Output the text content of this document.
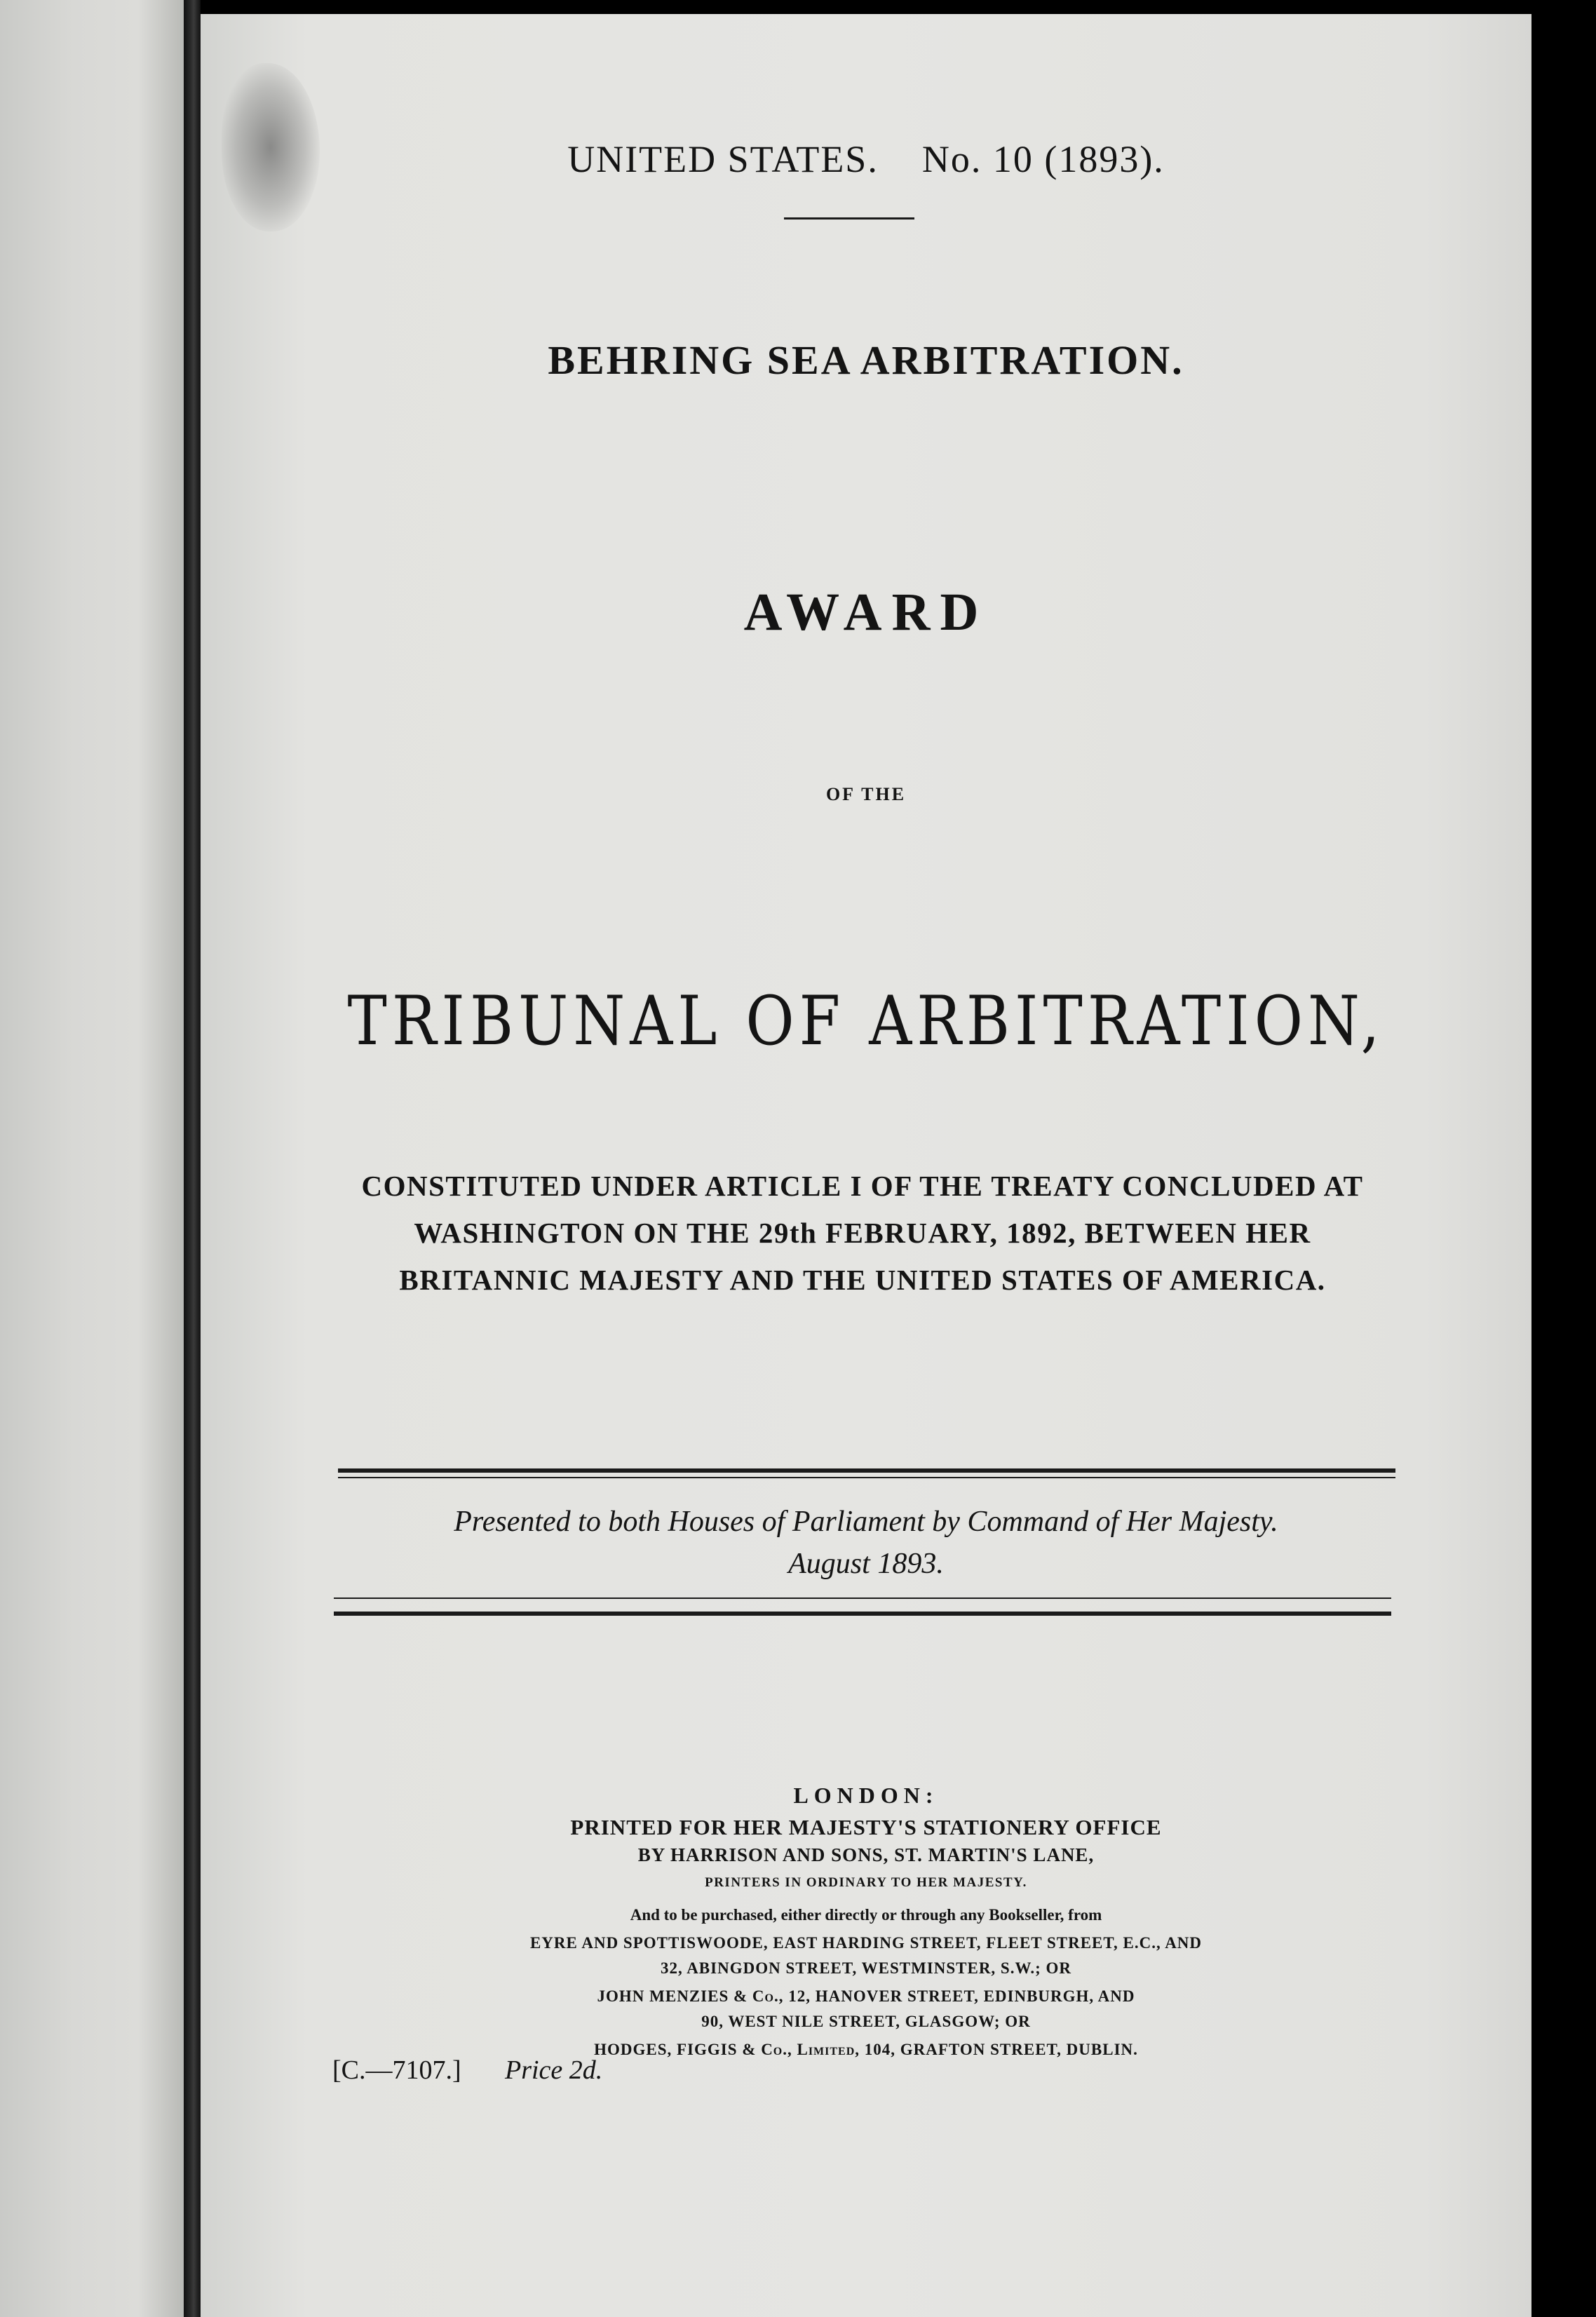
UNITED STATES. No. 10 (1893).
BEHRING SEA ARBITRATION.
AWARD
OF THE
TRIBUNAL OF ARBITRATION,
CONSTITUTED UNDER ARTICLE I OF THE TREATY CONCLUDED AT
WASHINGTON ON THE 29th FEBRUARY, 1892, BETWEEN HER
BRITANNIC MAJESTY AND THE UNITED STATES OF AMERICA.
Presented to both Houses of Parliament by Command of Her Majesty.
August 1893.
LONDON:
PRINTED FOR HER MAJESTY'S STATIONERY OFFICE
BY HARRISON AND SONS, ST. MARTIN'S LANE,
PRINTERS IN ORDINARY TO HER MAJESTY.
And to be purchased, either directly or through any Bookseller, from
EYRE AND SPOTTISWOODE, EAST HARDING STREET, FLEET STREET, E.C., AND
32, ABINGDON STREET, WESTMINSTER, S.W.; OR
JOHN MENZIES & Co., 12, HANOVER STREET, EDINBURGH, AND
90, WEST NILE STREET, GLASGOW; OR
HODGES, FIGGIS & Co., Limited, 104, GRAFTON STREET, DUBLIN.
[C.—7107.] Price 2d.
